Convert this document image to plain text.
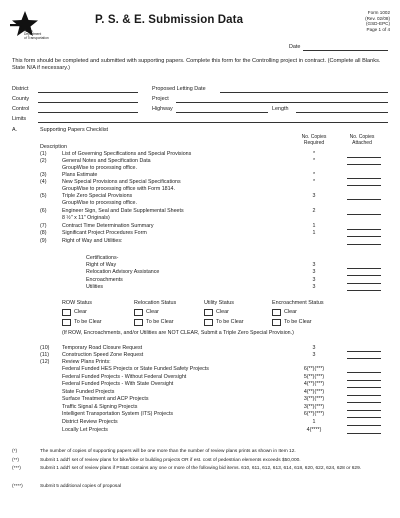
Texas
Department
of Transportation
P. S. & E. Submission Data
Form 1002
(Rev. 02/08)
(GSD-EPC)
Page 1 of 4
Date
This form should be completed and submitted with supporting papers. Complete this form for the Controlling project in contract. (Complete all Blanks. State N/A if necessary.)
District	Proposed Letting Date
County	Project
Control	Highway	Length
Limits
A.	Supporting Papers Checklist
No. Copies
Required
No. Copies
Attached
Description
(1)	List of Governing Specifications and Special Provisions	*
(2)	General Notes and Specification Data	*
GroupWise to processing office.
(3)	Plans Estimate	*
(4)	New Special Provisions and Special Specifications	*
GroupWise to processing office with Form 1814.
(5)	Triple Zero Special Provisions	3
GroupWise to processing office.
(6)	Engineer Sign, Seal and Date Supplemental Sheets	2
8 ½" x 11" Originals)
(7)	Contract Time Determination Summary	1
(8)	Significant Project Procedures Form	1
(9)	Right of Way and Utilities:
Certifications-
Right of Way	3
Relocation Advisory Assistance	3
Encroachments	3
Utilities	3
ROW Status
Clear
To be Clear
Relocation Status
Clear
To be Clear
Utility Status
Clear
To be Clear
Encroachment Status
Clear
To be Clear
(If ROW, Encroachments, and/or Utilities are NOT CLEAR, Submit a Triple Zero Special Provision.)
(10) Temporary Road Closure Request	3
(11) Construction Speed Zone Request	3
(12) Review Plans Prints:
Federal Funded HES Projects or State Funded Safety Projects	6(**)(***)
Federal Funded Projects - Without Federal Oversight	5(**)(***)
Federal Funded Projects - With State Oversight	4(**)(***)
State Funded Projects	4(**)(***)
Surface Treatment and ACP Projects	3(**)(***)
Traffic Signal & Signing Projects	3(**)(***)
Intelligent Transportation System (ITS) Projects	6(**)(***)
District Review Projects	1
Locally Let Projects	4(****)
(*)	The number of copies of supporting papers will be one more than the number of review plans prints as shown in Item 12.
(**)	Submit 1 add'l set of review plans for bike/bike or building projects OR if est. cost of pedestrian elements exceeds $50,000.
(***)	Submit 1 add'l set of review plans if PS&E contains any one or more of the following bid items. 610, 611, 612, 613, 614, 618, 620, 622, 624, 628 or 629.
(****)	Submit 5 additional copies of proposal
